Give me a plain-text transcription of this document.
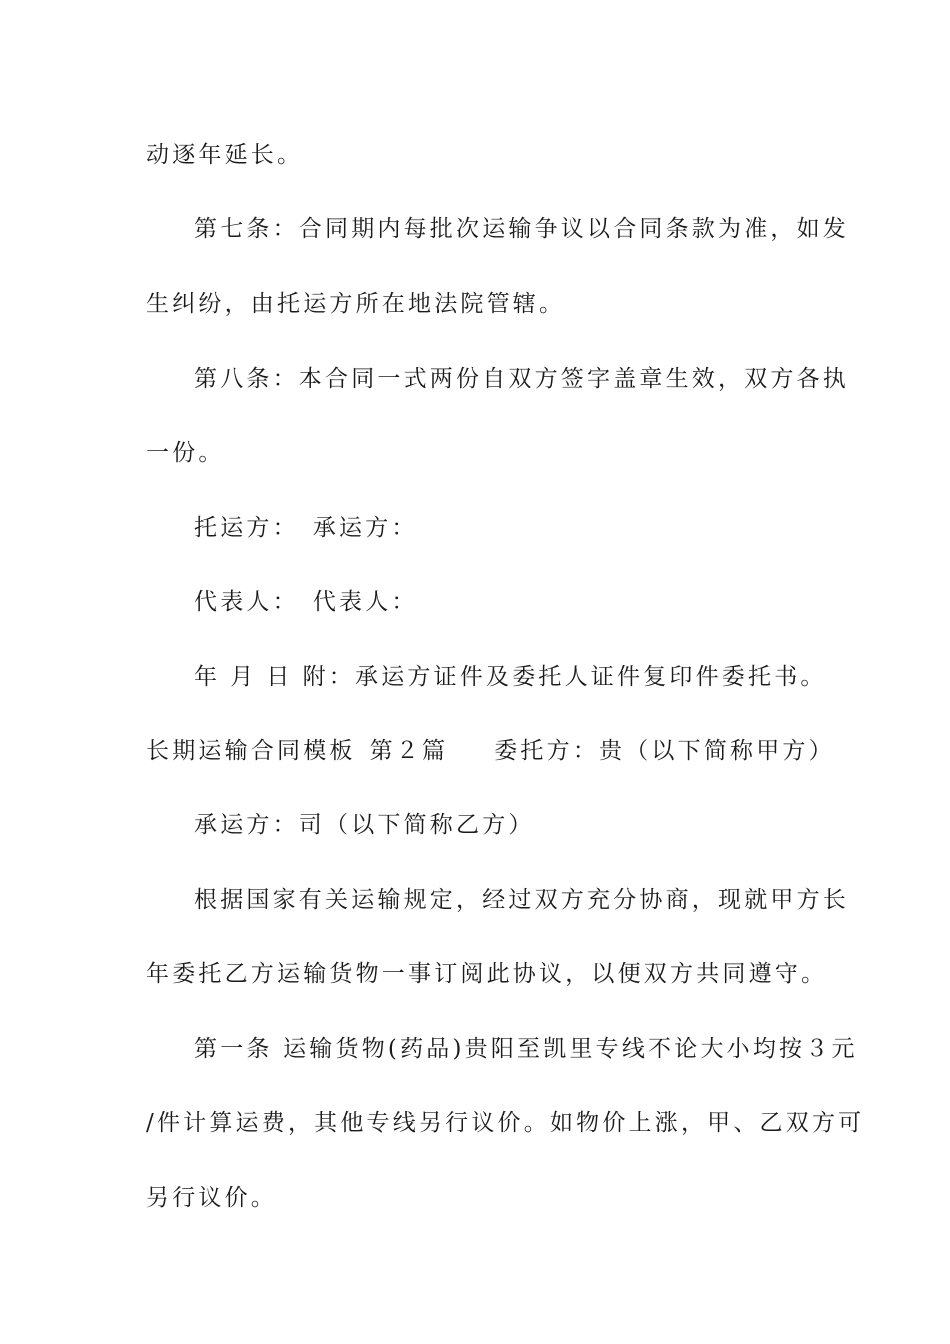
动逐年延长。
第七条：合同期内每批次运输争议以合同条款为准，如发
生纠纷，由托运方所在地法院管辖。
第八条：本合同一式两份自双方签字盖章生效，双方各执
一份。
托运方： 承运方：
代表人： 代表人：
年 月 日 附：承运方证件及委托人证件复印件委托书。
长期运输合同模板 第２篇 委托方：贵（以下简称甲方）
承运方：司（以下简称乙方）
根据国家有关运输规定，经过双方充分协商，现就甲方长
年委托乙方运输货物一事订阅此协议，以便双方共同遵守。
第一条 运输货物(药品)贵阳至凯里专线不论大小均按３元
/件计算运费，其他专线另行议价。如物价上涨，甲、乙双方可
另行议价。
